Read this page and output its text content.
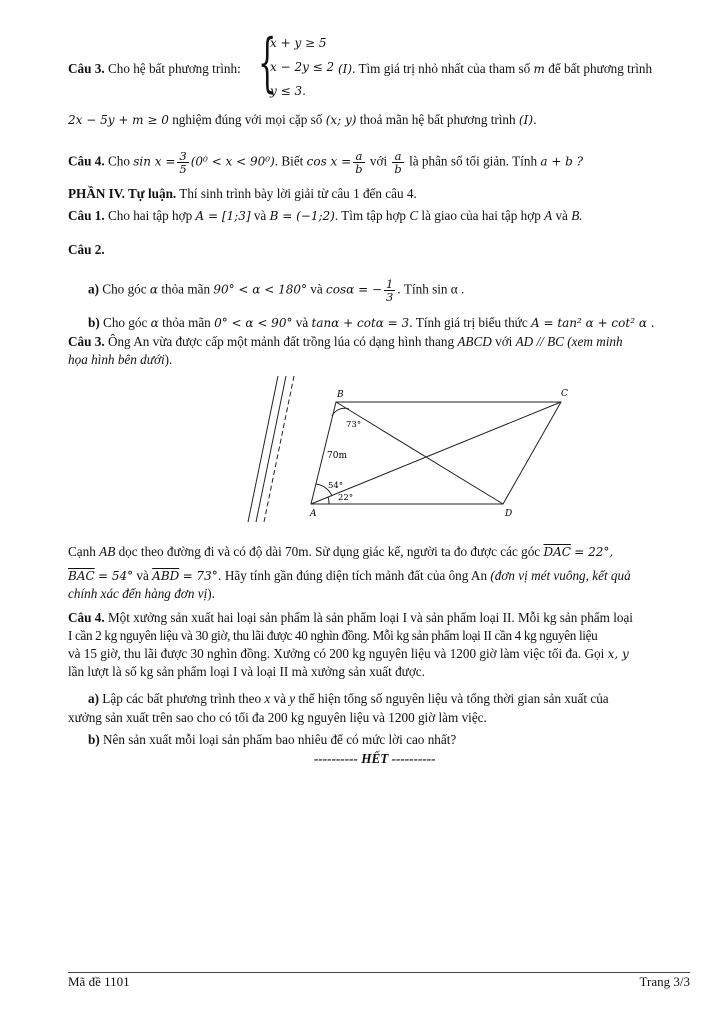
Câu 3. Cho hệ bất phương trình: {
x + y ≥ 5
x − 2y ≤ 2
y ≤ 3.
(I). Tìm giá trị nhỏ nhất của tham số m để bất phương trình
2x − 5y + m ≥ 0 nghiệm đúng với mọi cặp số (x; y) thoả mãn hệ bất phương trình (I).
Câu 4. Cho $\sin x = \frac{3}{5} (0^0 < x < 90^0)$. Biết $\cos x = \frac{a}{b}$ với $\frac{a}{b}$ là phân số tối giản. Tính a + b ?
PHẦN IV. Tự luận. Thí sinh trình bày lời giải từ câu 1 đến câu 4.
Câu 1. Cho hai tập hợp A = [1;3] và B = (−1;2). Tìm tập hợp C là giao của hai tập hợp A và B.
Câu 2.
a) Cho góc α thỏa mãn 90° < α < 180° và cosα = − $\frac{1}{3}$ . Tính sin α .
b) Cho góc α thỏa mãn 0° < α < 90° và tanα + cotα = 3. Tính giá trị biểu thức A = tan² α + cot² α .
Câu 3. Ông An vừa được cấp một mảnh đất trồng lúa có dạng hình thang ABCD với AD // BC (xem minh
họa hình bên dưới).
B	C
A	D
73°
54°
22°
70m
Cạnh AB dọc theo đường đi và có độ dài 70m. Sử dụng giác kế, người ta đo được các góc $\overline{DAC} = 22^\circ$,
$\overline{BAC} = 54^\circ$ và $\overline{ABD} = 73^\circ$. Hãy tính gần đúng diện tích mảnh đất của ông An (đơn vị mét vuông, kết quả
chính xác đến hàng đơn vị).
Câu 4. Một xưởng sản xuất hai loại sản phẩm là sản phẩm loại I và sản phẩm loại II. Mỗi kg sản phẩm loại
I cần 2 kg nguyên liệu và 30 giờ, thu lãi được 40 nghìn đồng. Mỗi kg sản phẩm loại II cần 4 kg nguyên liệu
và 15 giờ, thu lãi được 30 nghìn đồng. Xưởng có 200 kg nguyên liệu và 1200 giờ làm việc tối đa. Gọi x, y
lần lượt là số kg sản phẩm loại I và loại II mà xưởng sản xuất được.
a) Lập các bất phương trình theo x và y thể hiện tổng số nguyên liệu và tổng thời gian sản xuất của
xưởng sản xuất trên sao cho có tối đa 200 kg nguyên liệu và 1200 giờ làm việc.
b) Nên sản xuất mỗi loại sản phẩm bao nhiêu để có mức lời cao nhất?
---------- HẾT ----------
Mã đề 1101	Trang 3/3
